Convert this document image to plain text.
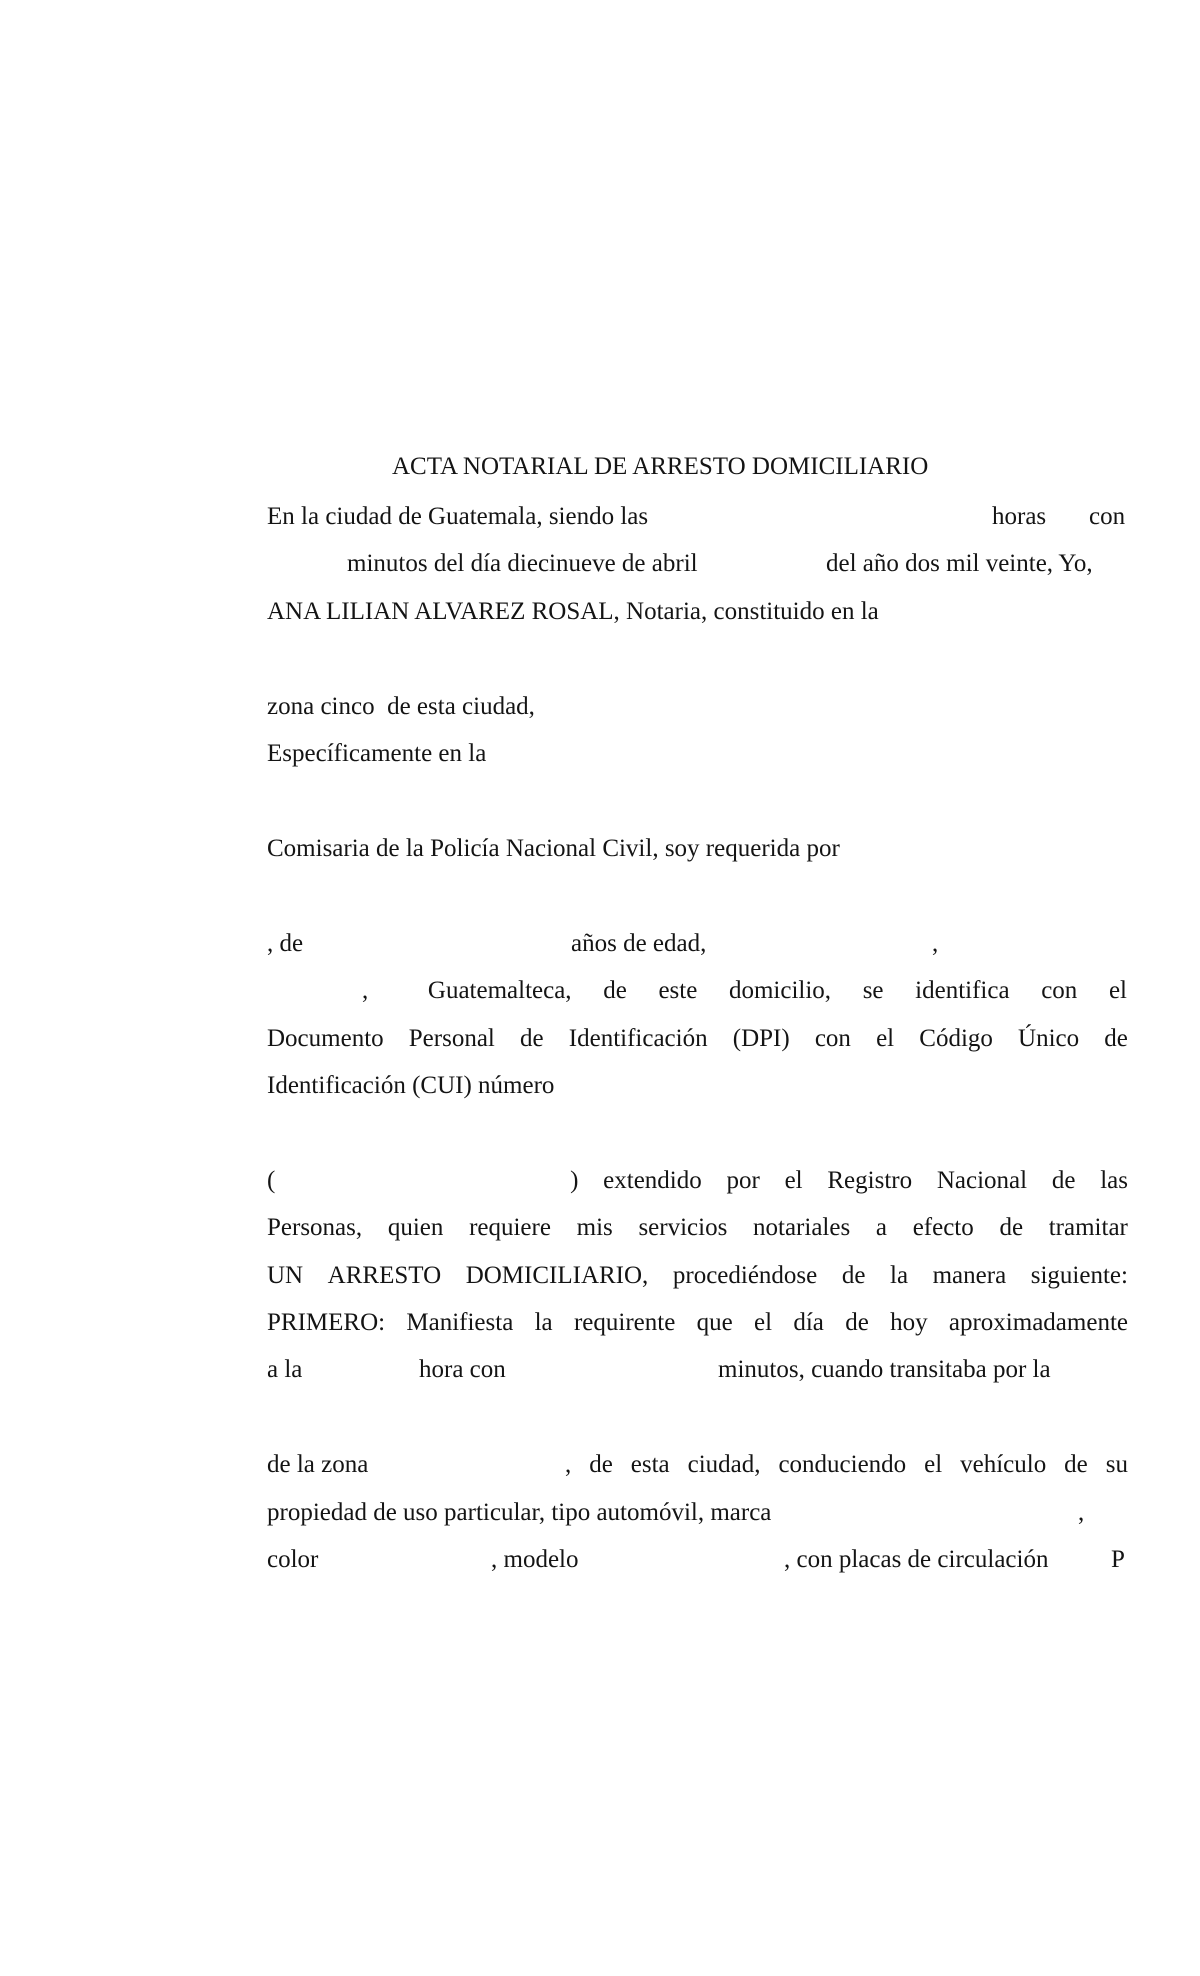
ACTA NOTARIAL DE ARRESTO DOMICILIARIO
En la ciudad de Guatemala, siendo las	horas con
minutos del día diecinueve de abril	del año dos mil veinte, Yo,
ANA LILIAN ALVAREZ ROSAL, Notaria, constituido en la
zona cinco  de esta ciudad,
Específicamente en la
Comisaria de la Policía Nacional Civil, soy requerida por
, de	años de edad,	,
, Guatemalteca, de este domicilio, se identifica con el
Documento Personal de Identificación (DPI) con el Código Único de
Identificación (CUI) número
(	) extendido por el Registro Nacional de las
Personas, quien requiere mis servicios notariales a efecto de tramitar
UN ARRESTO DOMICILIARIO, procediéndose de la manera siguiente:
PRIMERO: Manifiesta la requirente que el día de hoy aproximadamente
a la	hora con	minutos, cuando transitaba por la
de la zona	, de esta ciudad, conduciendo el vehículo de su
propiedad de uso particular, tipo automóvil, marca	,
color	, modelo	, con placas de circulación	P
